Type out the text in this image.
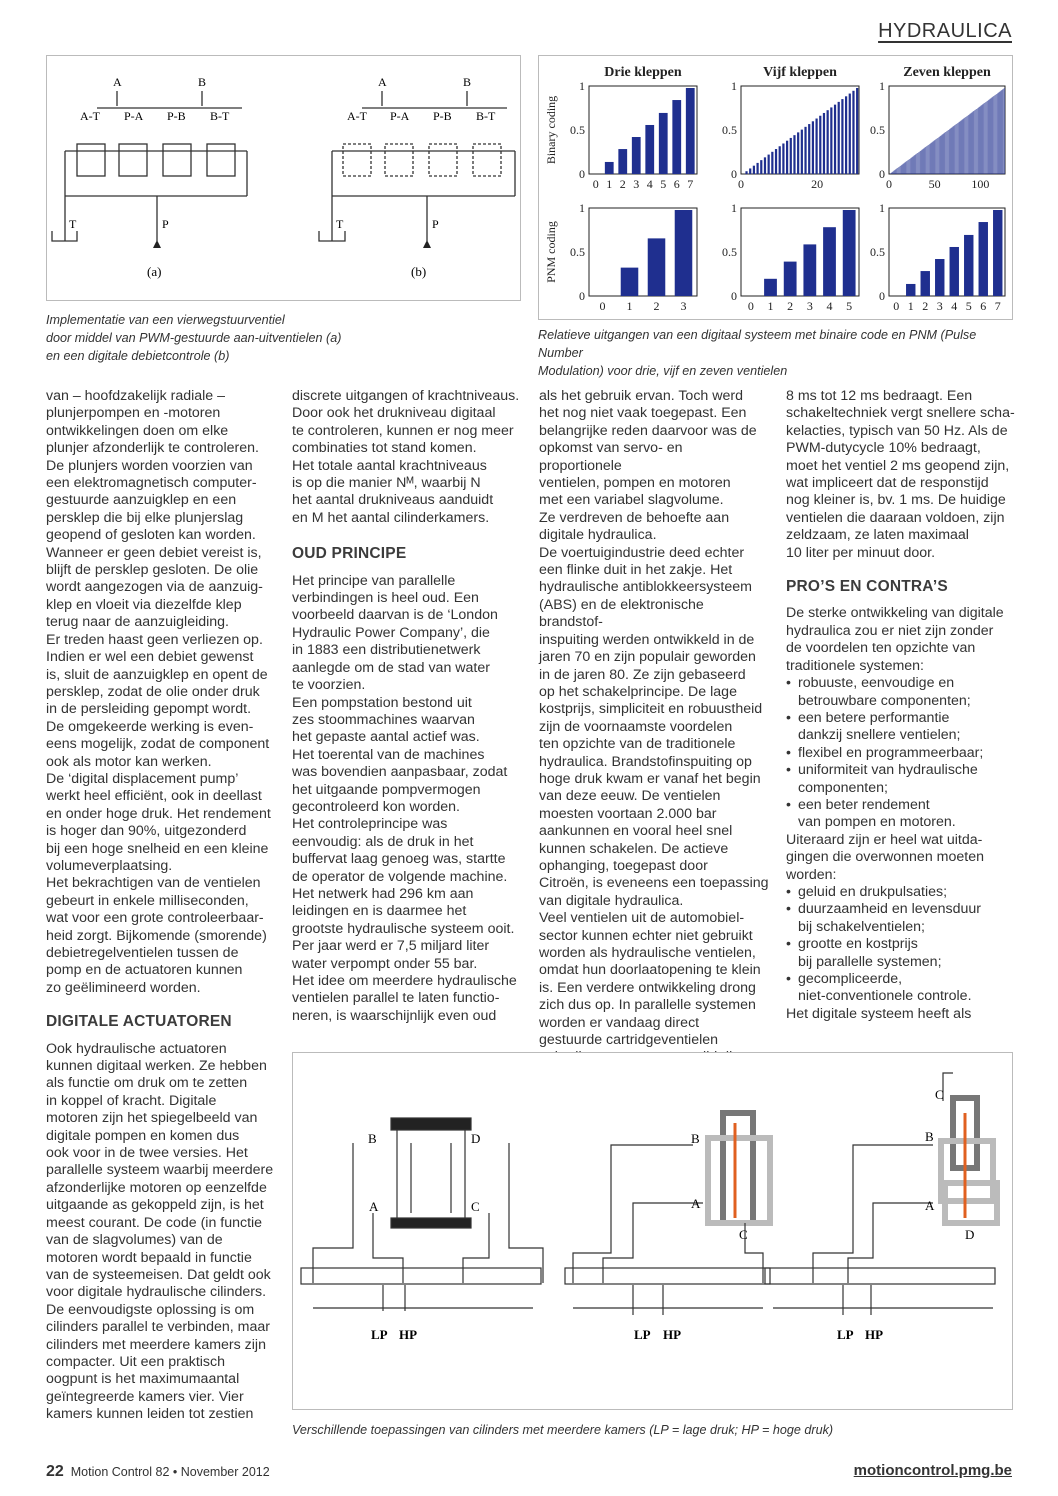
HYDRAULICA
A	B
A-T P-A P-B B-T
T	P
(a)
A	B
A-T P-A P-B B-T
T	P
(b)
Implementatie van een vierwegstuurventiel
door middel van PWM-gestuurde aan-uitventielen (a)
en een digitale debietcontrole (b)
0
0.5
1
0 1 2 3 4 5 6 7
Drie kleppen
Binary coding
0
0.5
1
0	20
Vijf kleppen
0
0.5
1
0	50	100
Zeven kleppen
0
0.5
1
0 1 2 3
PNM coding
0
0.5
1
0 1 2 3 4 5
0
0.5
1
0 1 2 3 4 5 6 7
Relatieve uitgangen van een digitaal systeem met binaire code en PNM (Pulse Number
Modulation) voor drie, vijf en zeven ventielen

van – hoofdzakelijk radiale –
plunjerpompen en -motoren
ontwikkelingen doen om elke
plunjer afzonderlijk te controleren.
De plunjers worden voorzien van
een elektromagnetisch computer-
gestuurde aanzuigklep en een
persklep die bij elke plunjerslag
geopend of gesloten kan worden.
Wanneer er geen debiet vereist is,
blijft de persklep gesloten. De olie
wordt aangezogen via de aanzuig-
klep en vloeit via diezelfde klep
terug naar de aanzuigleiding.
Er treden haast geen verliezen op.
Indien er wel een debiet gewenst
is, sluit de aanzuigklep en opent de
persklep, zodat de olie onder druk
in de persleiding gepompt wordt.
De omgekeerde werking is even-
eens mogelijk, zodat de component
ook als motor kan werken.
De ‘digital displacement pump’
werkt heel efficiënt, ook in deellast
en onder hoge druk. Het rendement
is hoger dan 90%, uitgezonderd
bij een hoge snelheid en een kleine
volumeverplaatsing.
Het bekrachtigen van de ventielen
gebeurt in enkele milliseconden,
wat voor een grote controleerbaar-
heid zorgt. Bijkomende (smorende)
debietregelventielen tussen de
pomp en de actuatoren kunnen
zo geëlimineerd worden.

DIGITALE ACTUATOREN

Ook hydraulische actuatoren
kunnen digitaal werken. Ze hebben
als functie om druk om te zetten
in koppel of kracht. Digitale
motoren zijn het spiegelbeeld van
digitale pompen en komen dus
ook voor in de twee versies. Het
parallelle systeem waarbij meerdere
afzonderlijke motoren op eenzelfde
uitgaande as gekoppeld zijn, is het
meest courant. De code (in functie
van de slagvolumes) van de
motoren wordt bepaald in functie
van de systeemeisen. Dat geldt ook
voor digitale hydraulische cilinders.
De eenvoudigste oplossing is om
cilinders parallel te verbinden, maar
cilinders met meerdere kamers zijn
compacter. Uit een praktisch
oogpunt is het maximumaantal
geïntegreerde kamers vier. Vier
kamers kunnen leiden tot zestien

discrete uitgangen of krachtniveaus.
Door ook het drukniveau digitaal
te controleren, kunnen er nog meer
combinaties tot stand komen.
Het totale aantal krachtniveaus
is op die manier Nᴹ, waarbij N
het aantal drukniveaus aanduidt
en M het aantal cilinderkamers.

OUD PRINCIPE

Het principe van parallelle
verbindingen is heel oud. Een
voorbeeld daarvan is de ‘London
Hydraulic Power Company’, die
in 1883 een distributienetwerk
aanlegde om de stad van water
te voorzien.
Een pompstation bestond uit
zes stoommachines waarvan
het gepaste aantal actief was.
Het toerental van de machines
was bovendien aanpasbaar, zodat
het uitgaande pompvermogen
gecontroleerd kon worden.
Het controleprincipe was
eenvoudig: als de druk in het
buffervat laag genoeg was, startte
de operator de volgende machine.
Het netwerk had 296 km aan
leidingen en is daarmee het
grootste hydraulische systeem ooit.
Per jaar werd er 7,5 miljard liter
water verpompt onder 55 bar.
Het idee om meerdere hydraulische
ventielen parallel te laten functio-
neren, is waarschijnlijk even oud

als het gebruik ervan. Toch werd
het nog niet vaak toegepast. Een
belangrijke reden daarvoor was de
opkomst van servo- en proportionele
ventielen, pompen en motoren
met een variabel slagvolume.
Ze verdreven de behoefte aan
digitale hydraulica.
De voertuigindustrie deed echter
een flinke duit in het zakje. Het
hydraulische antiblokkeersysteem
(ABS) en de elektronische brandstof-
inspuiting werden ontwikkeld in de
jaren 70 en zijn populair geworden
in de jaren 80. Ze zijn gebaseerd
op het schakelprincipe. De lage
kostprijs, simpliciteit en robuustheid
zijn de voornaamste voordelen
ten opzichte van de traditionele
hydraulica. Brandstofinspuiting op
hoge druk kwam er vanaf het begin
van deze eeuw. De ventielen
moesten voortaan 2.000 bar
aankunnen en vooral heel snel
kunnen schakelen. De actieve
ophanging, toegepast door
Citroën, is eveneens een toepassing
van digitale hydraulica.
Veel ventielen uit de automobiel-
sector kunnen echter niet gebruikt
worden als hydraulische ventielen,
omdat hun doorlaatopening te klein
is. Een verdere ontwikkeling drong
zich dus op. In parallelle systemen
worden er vandaag direct
gestuurde cartridgeventielen

8 ms tot 12 ms bedraagt. Een
schakeltechniek vergt snellere scha-
kelacties, typisch van 50 Hz. Als de
PWM-dutycycle 10% bedraagt,
moet het ventiel 2 ms geopend zijn,
wat impliceert dat de responstijd
nog kleiner is, bv. 1 ms. De huidige
ventielen die daaraan voldoen, zijn
zeldzaam, ze laten maximaal
10 liter per minuut door.

PRO’S EN CONTRA’S

De sterke ontwikkeling van digitale
hydraulica zou er niet zijn zonder
de voordelen ten opzichte van
traditionele systemen:

• robuuste, eenvoudige en
betrouwbare componenten;
• een betere performantie
dankzij snellere ventielen;
• flexibel en programmeerbaar;
• uniformiteit van hydraulische
componenten;
• een beter rendement
van pompen en motoren.

Uiteraard zijn er heel wat uitda-
gingen die overwonnen moeten
worden:

• geluid en drukpulsaties;
• duurzaamheid en levensduur
bij schakelventielen;
• grootte en kostprijs
bij parallelle systemen;
• gecompliceerde,
niet-conventionele controle.

Het digitale systeem heeft als

B	D
A	C
LP HP
B
A
C
LP HP
C
B
A
D
LP HP
Verschillende toepassingen van cilinders met meerdere kamers (LP = lage druk; HP = hoge druk)
22 Motion Control 82 • November 2012	motioncontrol.pmg.be
